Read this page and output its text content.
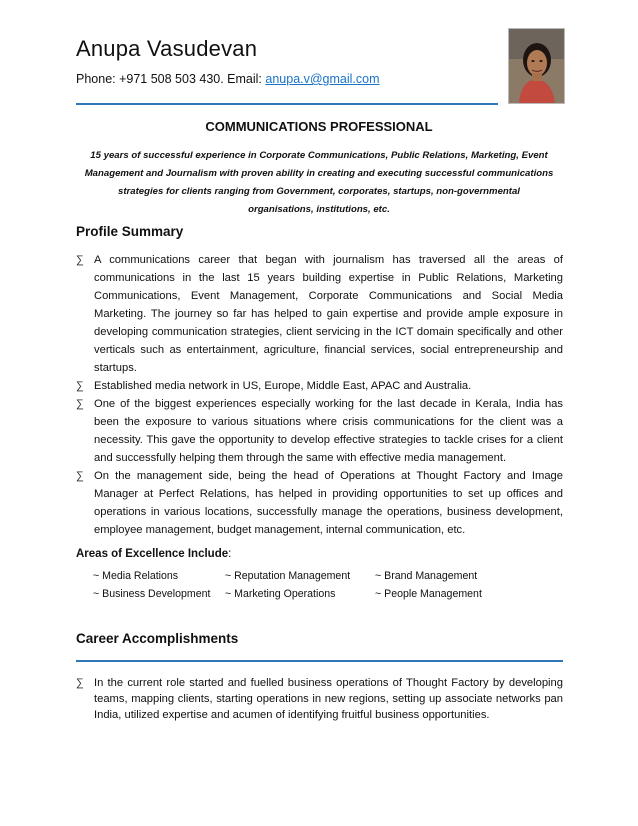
Anupa Vasudevan
Phone: +971 508 503 430. Email: anupa.v@gmail.com
COMMUNICATIONS PROFESSIONAL
15 years of successful experience in Corporate Communications, Public Relations, Marketing, Event Management and Journalism with proven ability in creating and executing successful communications strategies for clients ranging from Government, corporates, startups, non-governmental organisations, institutions, etc.
Profile Summary
∑ A communications career that began with journalism has traversed all the areas of communications in the last 15 years building expertise in Public Relations, Marketing Communications, Event Management, Corporate Communications and Social Media Marketing. The journey so far has helped to gain expertise and provide ample exposure in developing communication strategies, client servicing in the ICT domain specifically and other verticals such as entertainment, agriculture, financial services, social entrepreneurship and startups.
∑ Established media network in US, Europe, Middle East, APAC and Australia.
∑ One of the biggest experiences especially working for the last decade in Kerala, India has been the exposure to various situations where crisis communications for the client was a necessity. This gave the opportunity to develop effective strategies to tackle crises for a client and successfully helping them through the same with effective media management.
∑ On the management side, being the head of Operations at Thought Factory and Image Manager at Perfect Relations, has helped in providing opportunities to set up offices and operations in various locations, successfully manage the operations, business development, employee management, budget management, internal communication, etc.
Areas of Excellence Include:
~ Media Relations	~ Reputation Management ~ Brand Management
~ Business Development ~ Marketing Operations	~ People Management
Career Accomplishments
∑ In the current role started and fuelled business operations of Thought Factory by developing teams, mapping clients, starting operations in new regions, setting up associate networks pan India, utilized expertise and acumen of identifying fruitful business opportunities.
